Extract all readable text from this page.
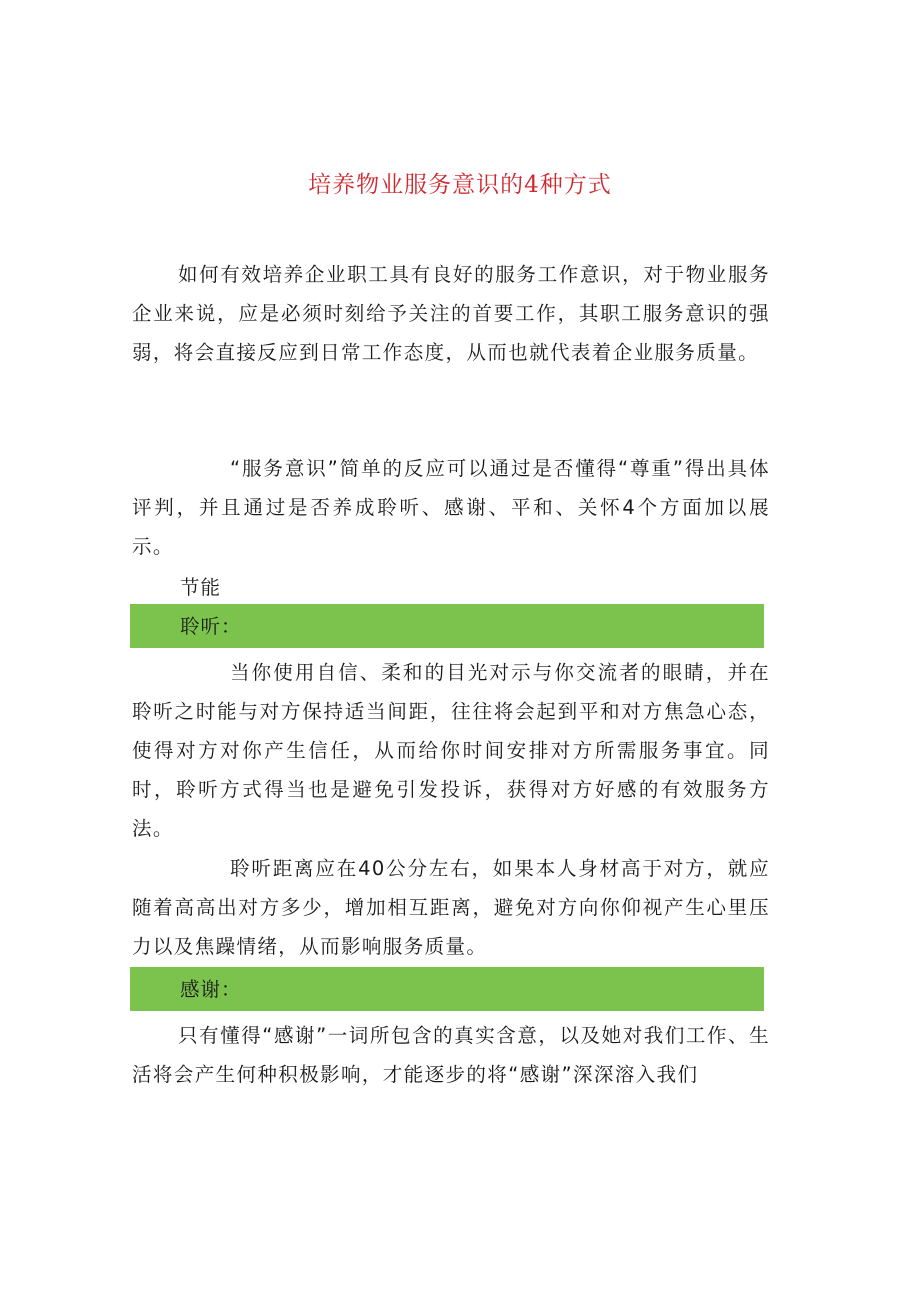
培养物业服务意识的4种方式

如何有效培养企业职工具有良好的服务工作意识，对于物业服务企业来说，应是必须时刻给予关注的首要工作，其职工服务意识的强弱，将会直接反应到日常工作态度，从而也就代表着企业服务质量。

“服务意识”简单的反应可以通过是否懂得“尊重”得出具体评判，并且通过是否养成聆听、感谢、平和、关怀4个方面加以展示。

节能
聆听：

当你使用自信、柔和的目光对示与你交流者的眼睛，并在聆听之时能与对方保持适当间距，往往将会起到平和对方焦急心态，使得对方对你产生信任，从而给你时间安排对方所需服务事宜。同时，聆听方式得当也是避免引发投诉，获得对方好感的有效服务方法。

聆听距离应在40公分左右，如果本人身材高于对方，就应随着高高出对方多少，增加相互距离，避免对方向你仰视产生心里压力以及焦躁情绪，从而影响服务质量。

感谢：

只有懂得“感谢”一词所包含的真实含意，以及她对我们工作、生活将会产生何种积极影响，才能逐步的将“感谢”深深溶入我们
